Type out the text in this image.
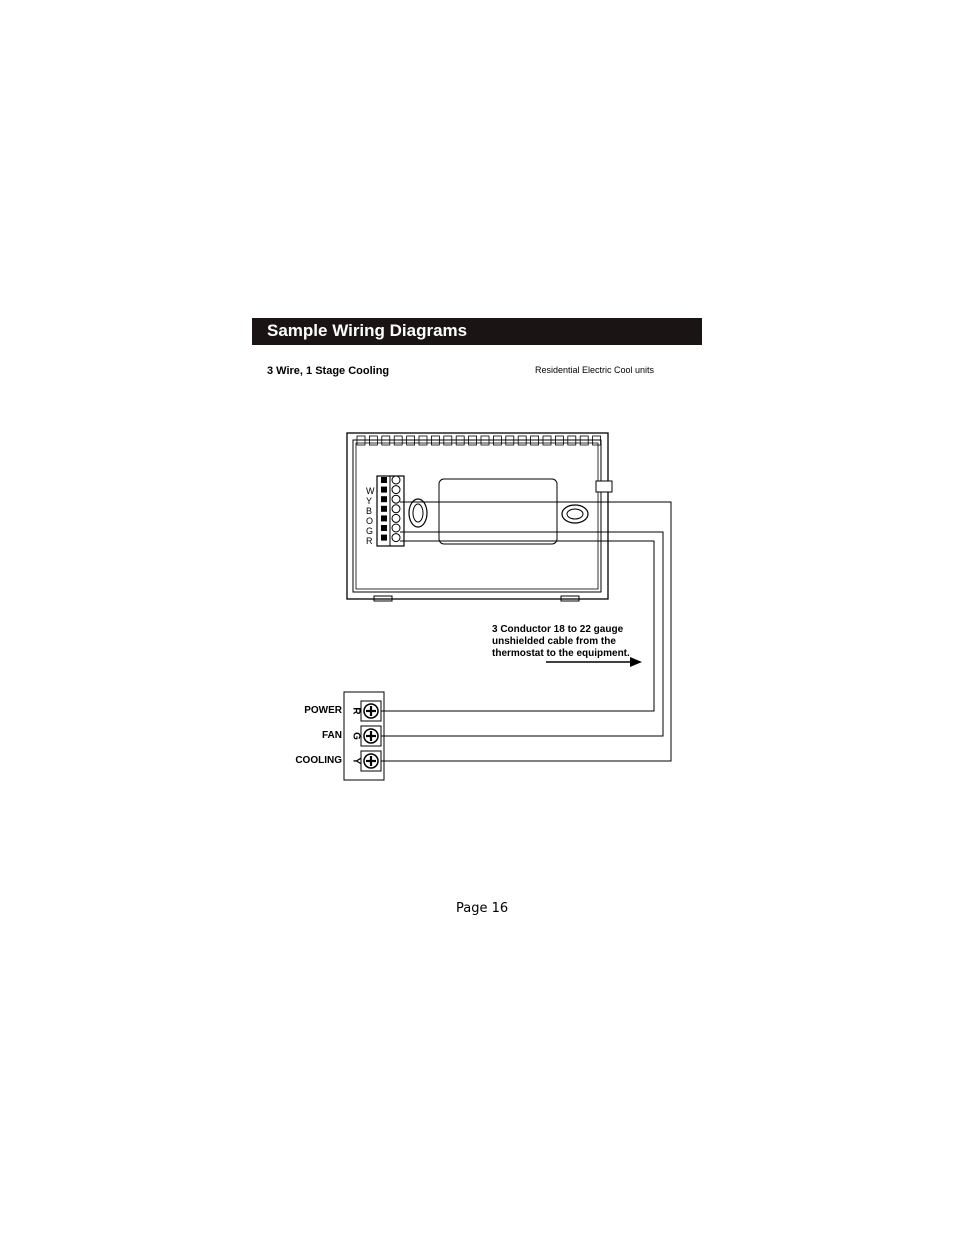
Sample Wiring Diagrams
3 Wire, 1 Stage Cooling	Residential Electric Cool units
W
Y
B
O
G
R
R
G
Y
3 Conductor 18 to 22 gauge
unshielded cable from the
thermostat to the equipment.
POWER
FAN
COOLING
Page 16
